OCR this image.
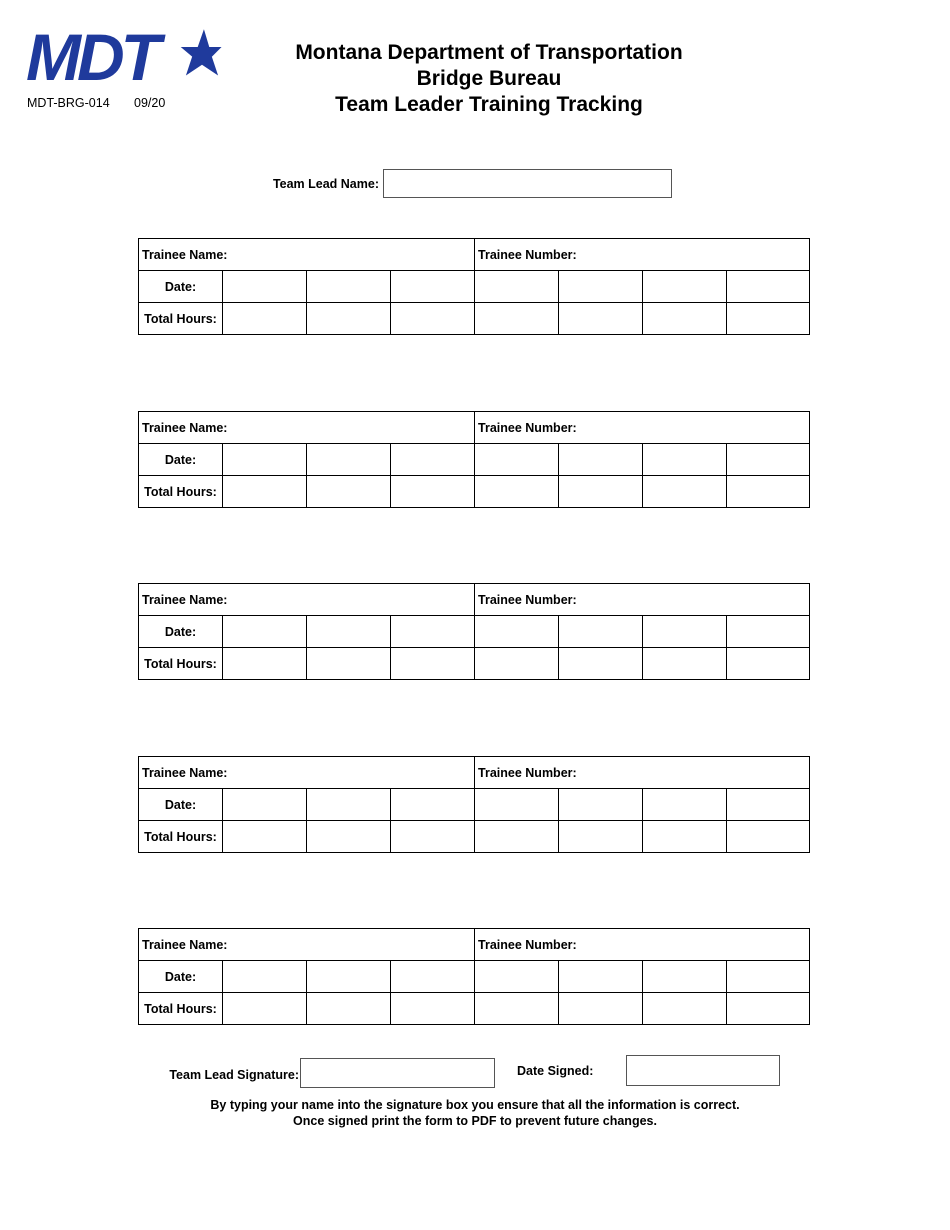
MDT
MDT-BRG-014 09/20
Montana Department of Transportation
Bridge Bureau
Team Leader Training Tracking
Team Lead Name:
Trainee Name:				Trainee Number:			
Date:							
Total Hours:							
Trainee Name:				Trainee Number:			
Date:							
Total Hours:							
Trainee Name:				Trainee Number:			
Date:							
Total Hours:							
Trainee Name:				Trainee Number:			
Date:							
Total Hours:							
Trainee Name:				Trainee Number:			
Date:							
Total Hours:							
Team Lead Signature:	Date Signed:
By typing your name into the signature box you ensure that all the information is correct.
Once signed print the form to PDF to prevent future changes.
